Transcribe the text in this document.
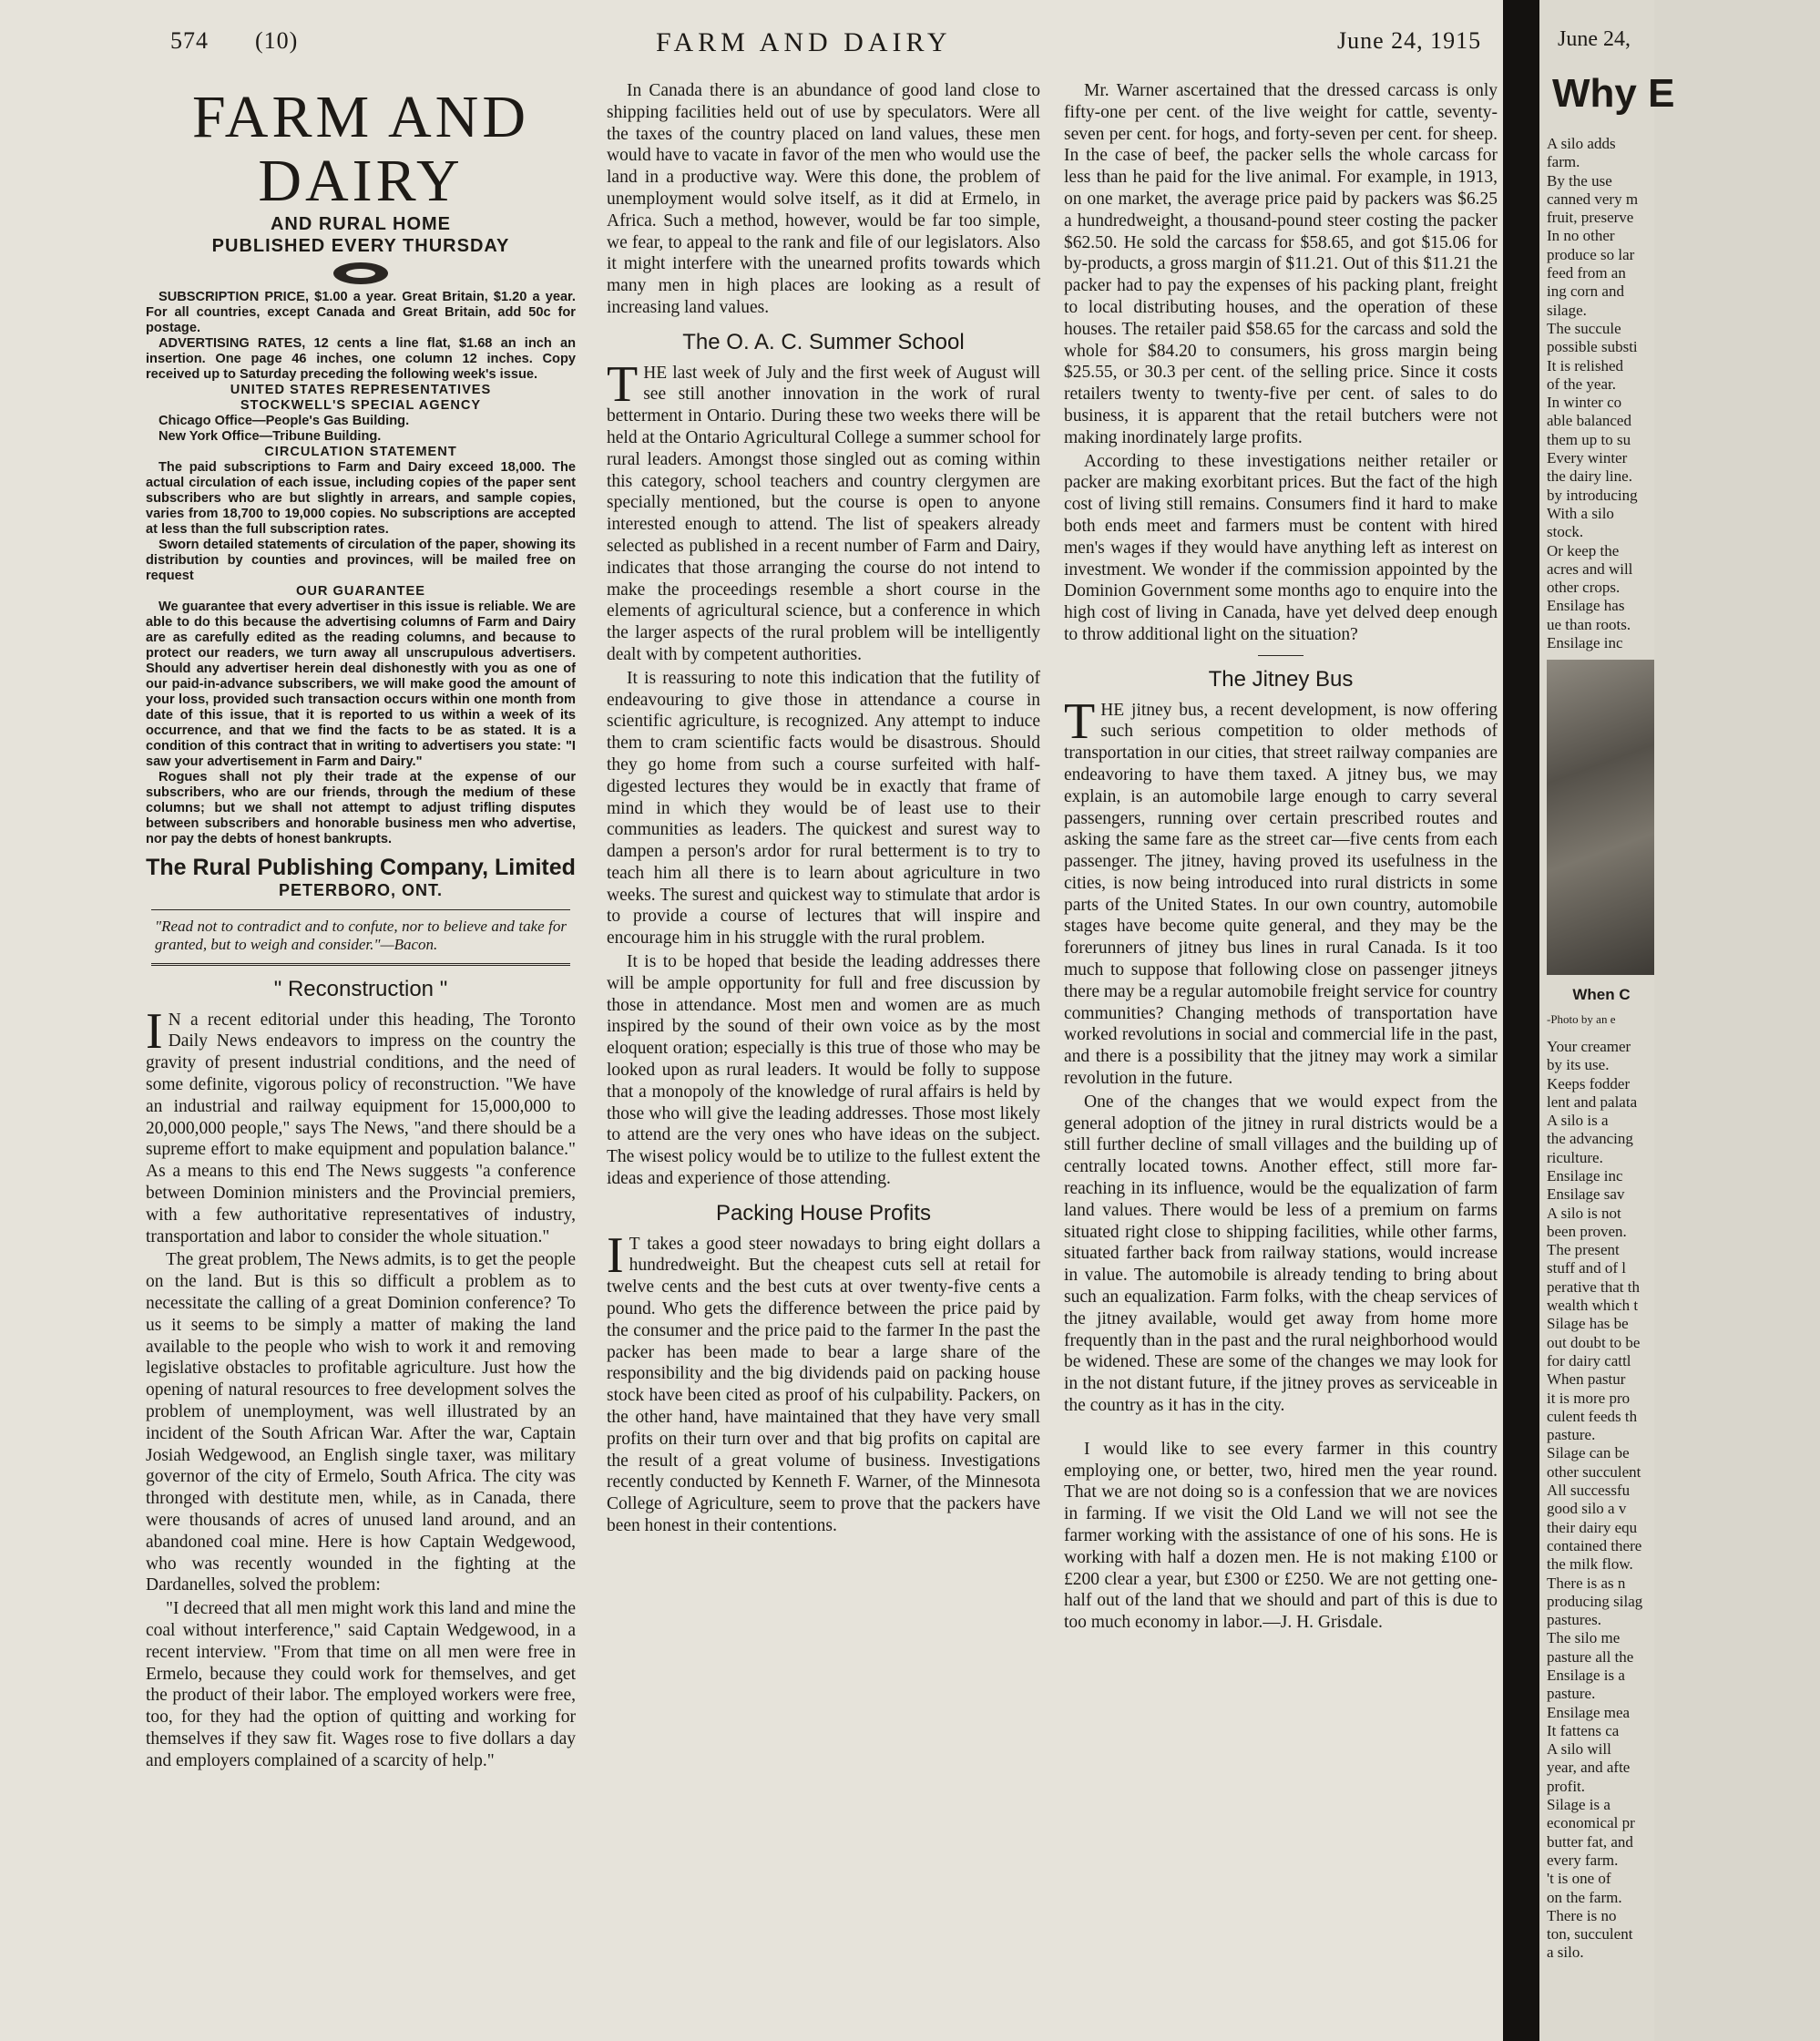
574 (10)	FARM AND DAIRY	June 24, 1915
FARM AND DAIRY
AND RURAL HOME
PUBLISHED EVERY THURSDAY

SUBSCRIPTION PRICE, $1.00 a year. Great Britain, $1.20 a year. For all countries, except Canada and Great Britain, add 50c for postage.

ADVERTISING RATES, 12 cents a line flat, $1.68 an inch an insertion. One page 46 inches, one column 12 inches. Copy received up to Saturday preceding the following week's issue.

UNITED STATES REPRESENTATIVES

STOCKWELL'S SPECIAL AGENCY

Chicago Office—People's Gas Building.

New York Office—Tribune Building.

CIRCULATION STATEMENT

The paid subscriptions to Farm and Dairy exceed 18,000. The actual circulation of each issue, including copies of the paper sent subscribers who are but slightly in arrears, and sample copies, varies from 18,700 to 19,000 copies. No subscriptions are accepted at less than the full subscription rates.

Sworn detailed statements of circulation of the paper, showing its distribution by counties and provinces, will be mailed free on request

OUR GUARANTEE

We guarantee that every advertiser in this issue is reliable. We are able to do this because the advertising columns of Farm and Dairy are as carefully edited as the reading columns, and because to protect our readers, we turn away all unscrupulous advertisers. Should any advertiser herein deal dishonestly with you as one of our paid-in-advance subscribers, we will make good the amount of your loss, provided such transaction occurs within one month from date of this issue, that it is reported to us within a week of its occurrence, and that we find the facts to be as stated. It is a condition of this contract that in writing to advertisers you state: "I saw your advertisement in Farm and Dairy."

Rogues shall not ply their trade at the expense of our subscribers, who are our friends, through the medium of these columns; but we shall not attempt to adjust trifling disputes between subscribers and honorable business men who advertise, nor pay the debts of honest bankrupts.

The Rural Publishing Company, Limited
PETERBORO, ONT.
"Read not to contradict and to confute, nor to believe and take for granted, but to weigh and consider."—Bacon.
" Reconstruction "

I N a recent editorial under this heading, The Toronto Daily News endeavors to impress on the country the gravity of present industrial conditions, and the need of some definite, vigorous policy of reconstruction. "We have an industrial and railway equipment for 15,000,000 to 20,000,000 people," says The News, "and there should be a supreme effort to make equipment and population balance." As a means to this end The News suggests "a conference between Dominion ministers and the Provincial premiers, with a few authoritative representatives of industry, transportation and labor to consider the whole situation."

The great problem, The News admits, is to get the people on the land. But is this so difficult a problem as to necessitate the calling of a great Dominion conference? To us it seems to be simply a matter of making the land available to the people who wish to work it and removing legislative obstacles to profitable agriculture. Just how the opening of natural resources to free development solves the problem of unemployment, was well illustrated by an incident of the South African War. After the war, Captain Josiah Wedgewood, an English single taxer, was military governor of the city of Ermelo, South Africa. The city was thronged with destitute men, while, as in Canada, there were thousands of acres of unused land around, and an abandoned coal mine. Here is how Captain Wedgewood, who was recently wounded in the fighting at the Dardanelles, solved the problem:

"I decreed that all men might work this land and mine the coal without interference," said Captain Wedgewood, in a recent interview. "From that time on all men were free in Ermelo, because they could work for themselves, and get the product of their labor. The employed workers were free, too, for they had the option of quitting and working for themselves if they saw fit. Wages rose to five dollars a day and employers complained of a scarcity of help."

In Canada there is an abundance of good land close to shipping facilities held out of use by speculators. Were all the taxes of the country placed on land values, these men would have to vacate in favor of the men who would use the land in a productive way. Were this done, the problem of unemployment would solve itself, as it did at Ermelo, in Africa. Such a method, however, would be far too simple, we fear, to appeal to the rank and file of our legislators. Also it might interfere with the unearned profits towards which many men in high places are looking as a result of increasing land values.

The O. A. C. Summer School

THE last week of July and the first week of August will see still another innovation in the work of rural betterment in Ontario. During these two weeks there will be held at the Ontario Agricultural College a summer school for rural leaders. Amongst those singled out as coming within this category, school teachers and country clergymen are specially mentioned, but the course is open to anyone interested enough to attend. The list of speakers already selected as published in a recent number of Farm and Dairy, indicates that those arranging the course do not intend to make the proceedings resemble a short course in the elements of agricultural science, but a conference in which the larger aspects of the rural problem will be intelligently dealt with by competent authorities.

It is reassuring to note this indication that the futility of endeavouring to give those in attendance a course in scientific agriculture, is recognized. Any attempt to induce them to cram scientific facts would be disastrous. Should they go home from such a course surfeited with half-digested lectures they would be in exactly that frame of mind in which they would be of least use to their communities as leaders. The quickest and surest way to dampen a person's ardor for rural betterment is to try to teach him all there is to learn about agriculture in two weeks. The surest and quickest way to stimulate that ardor is to provide a course of lectures that will inspire and encourage him in his struggle with the rural problem.

It is to be hoped that beside the leading addresses there will be ample opportunity for full and free discussion by those in attendance. Most men and women are as much inspired by the sound of their own voice as by the most eloquent oration; especially is this true of those who may be looked upon as rural leaders. It would be folly to suppose that a monopoly of the knowledge of rural affairs is held by those who will give the leading addresses. Those most likely to attend are the very ones who have ideas on the subject. The wisest policy would be to utilize to the fullest extent the ideas and experience of those attending.

Packing House Profits

I T takes a good steer nowadays to bring eight dollars a hundredweight. But the cheapest cuts sell at retail for twelve cents and the best cuts at over twenty-five cents a pound. Who gets the difference between the price paid by the consumer and the price paid to the farmer In the past the packer has been made to bear a large share of the responsibility and the big dividends paid on packing house stock have been cited as proof of his culpability. Packers, on the other hand, have maintained that they have very small profits on their turn over and that big profits on capital are the result of a great volume of business. Investigations recently conducted by Kenneth F. Warner, of the Minnesota College of Agriculture, seem to prove that the packers have been honest in their contentions.

Mr. Warner ascertained that the dressed carcass is only fifty-one per cent. of the live weight for cattle, seventy-seven per cent. for hogs, and forty-seven per cent. for sheep. In the case of beef, the packer sells the whole carcass for less than he paid for the live animal. For example, in 1913, on one market, the average price paid by packers was $6.25 a hundredweight, a thousand-pound steer costing the packer $62.50. He sold the carcass for $58.65, and got $15.06 for by-products, a gross margin of $11.21. Out of this $11.21 the packer had to pay the expenses of his packing plant, freight to local distributing houses, and the operation of these houses. The retailer paid $58.65 for the carcass and sold the whole for $84.20 to consumers, his gross margin being $25.55, or 30.3 per cent. of the selling price. Since it costs retailers twenty to twenty-five per cent. of sales to do business, it is apparent that the retail butchers were not making inordinately large profits.

According to these investigations neither retailer or packer are making exorbitant prices. But the fact of the high cost of living still remains. Consumers find it hard to make both ends meet and farmers must be content with hired men's wages if they would have anything left as interest on investment. We wonder if the commission appointed by the Dominion Government some months ago to enquire into the high cost of living in Canada, have yet delved deep enough to throw additional light on the situation?

The Jitney Bus

THE jitney bus, a recent development, is now offering such serious competition to older methods of transportation in our cities, that street railway companies are endeavoring to have them taxed. A jitney bus, we may explain, is an automobile large enough to carry several passengers, running over certain prescribed routes and asking the same fare as the street car—five cents from each passenger. The jitney, having proved its usefulness in the cities, is now being introduced into rural districts in some parts of the United States. In our own country, automobile stages have become quite general, and they may be the forerunners of jitney bus lines in rural Canada. Is it too much to suppose that following close on passenger jitneys there may be a regular automobile freight service for country communities? Changing methods of transportation have worked revolutions in social and commercial life in the past, and there is a possibility that the jitney may work a similar revolution in the future.

One of the changes that we would expect from the general adoption of the jitney in rural districts would be a still further decline of small villages and the building up of centrally located towns. Another effect, still more far-reaching in its influence, would be the equalization of farm land values. There would be less of a premium on farms situated right close to shipping facilities, while other farms, situated farther back from railway stations, would increase in value. The automobile is already tending to bring about such an equalization. Farm folks, with the cheap services of the jitney available, would get away from home more frequently than in the past and the rural neighborhood would be widened. These are some of the changes we may look for in the not distant future, if the jitney proves as serviceable in the country as it has in the city.

I would like to see every farmer in this country employing one, or better, two, hired men the year round. That we are not doing so is a confession that we are novices in farming. If we visit the Old Land we will not see the farmer working with the assistance of one of his sons. He is working with half a dozen men. He is not making £100 or £200 clear a year, but £300 or £250. We are not getting one-half out of the land that we should and part of this is due to too much economy in labor.—J. H. Grisdale.

June 24,
Why E

A silo adds

farm.

By the use

canned very m

fruit, preserve

In no other

produce so lar

feed from an

ing corn and

silage.

The succule

possible substi

It is relished

of the year.

In winter co

able balanced

them up to su

Every winter

the dairy line.

by introducing

With a silo

stock.

Or keep the

acres and will

other crops.

Ensilage has

ue than roots.

Ensilage inc

When C
-Photo by an e

Your creamer

by its use.

Keeps fodder

lent and palata

A silo is a

the advancing

riculture.

Ensilage inc

Ensilage sav

A silo is not

been proven.

The present

stuff and of l

perative that th

wealth which t

Silage has be

out doubt to be

for dairy cattl

When pastur

it is more pro

culent feeds th

pasture.

Silage can be

other succulent

All successfu

good silo a v

their dairy equ

contained there

the milk flow.

There is as n

producing silag

pastures.

The silo me

pasture all the

Ensilage is a

pasture.

Ensilage mea

It fattens ca

A silo will

year, and afte

profit.

Silage is a

economical pr

butter fat, and

every farm.

't is one of

on the farm.

There is no

ton, succulent

a silo.
